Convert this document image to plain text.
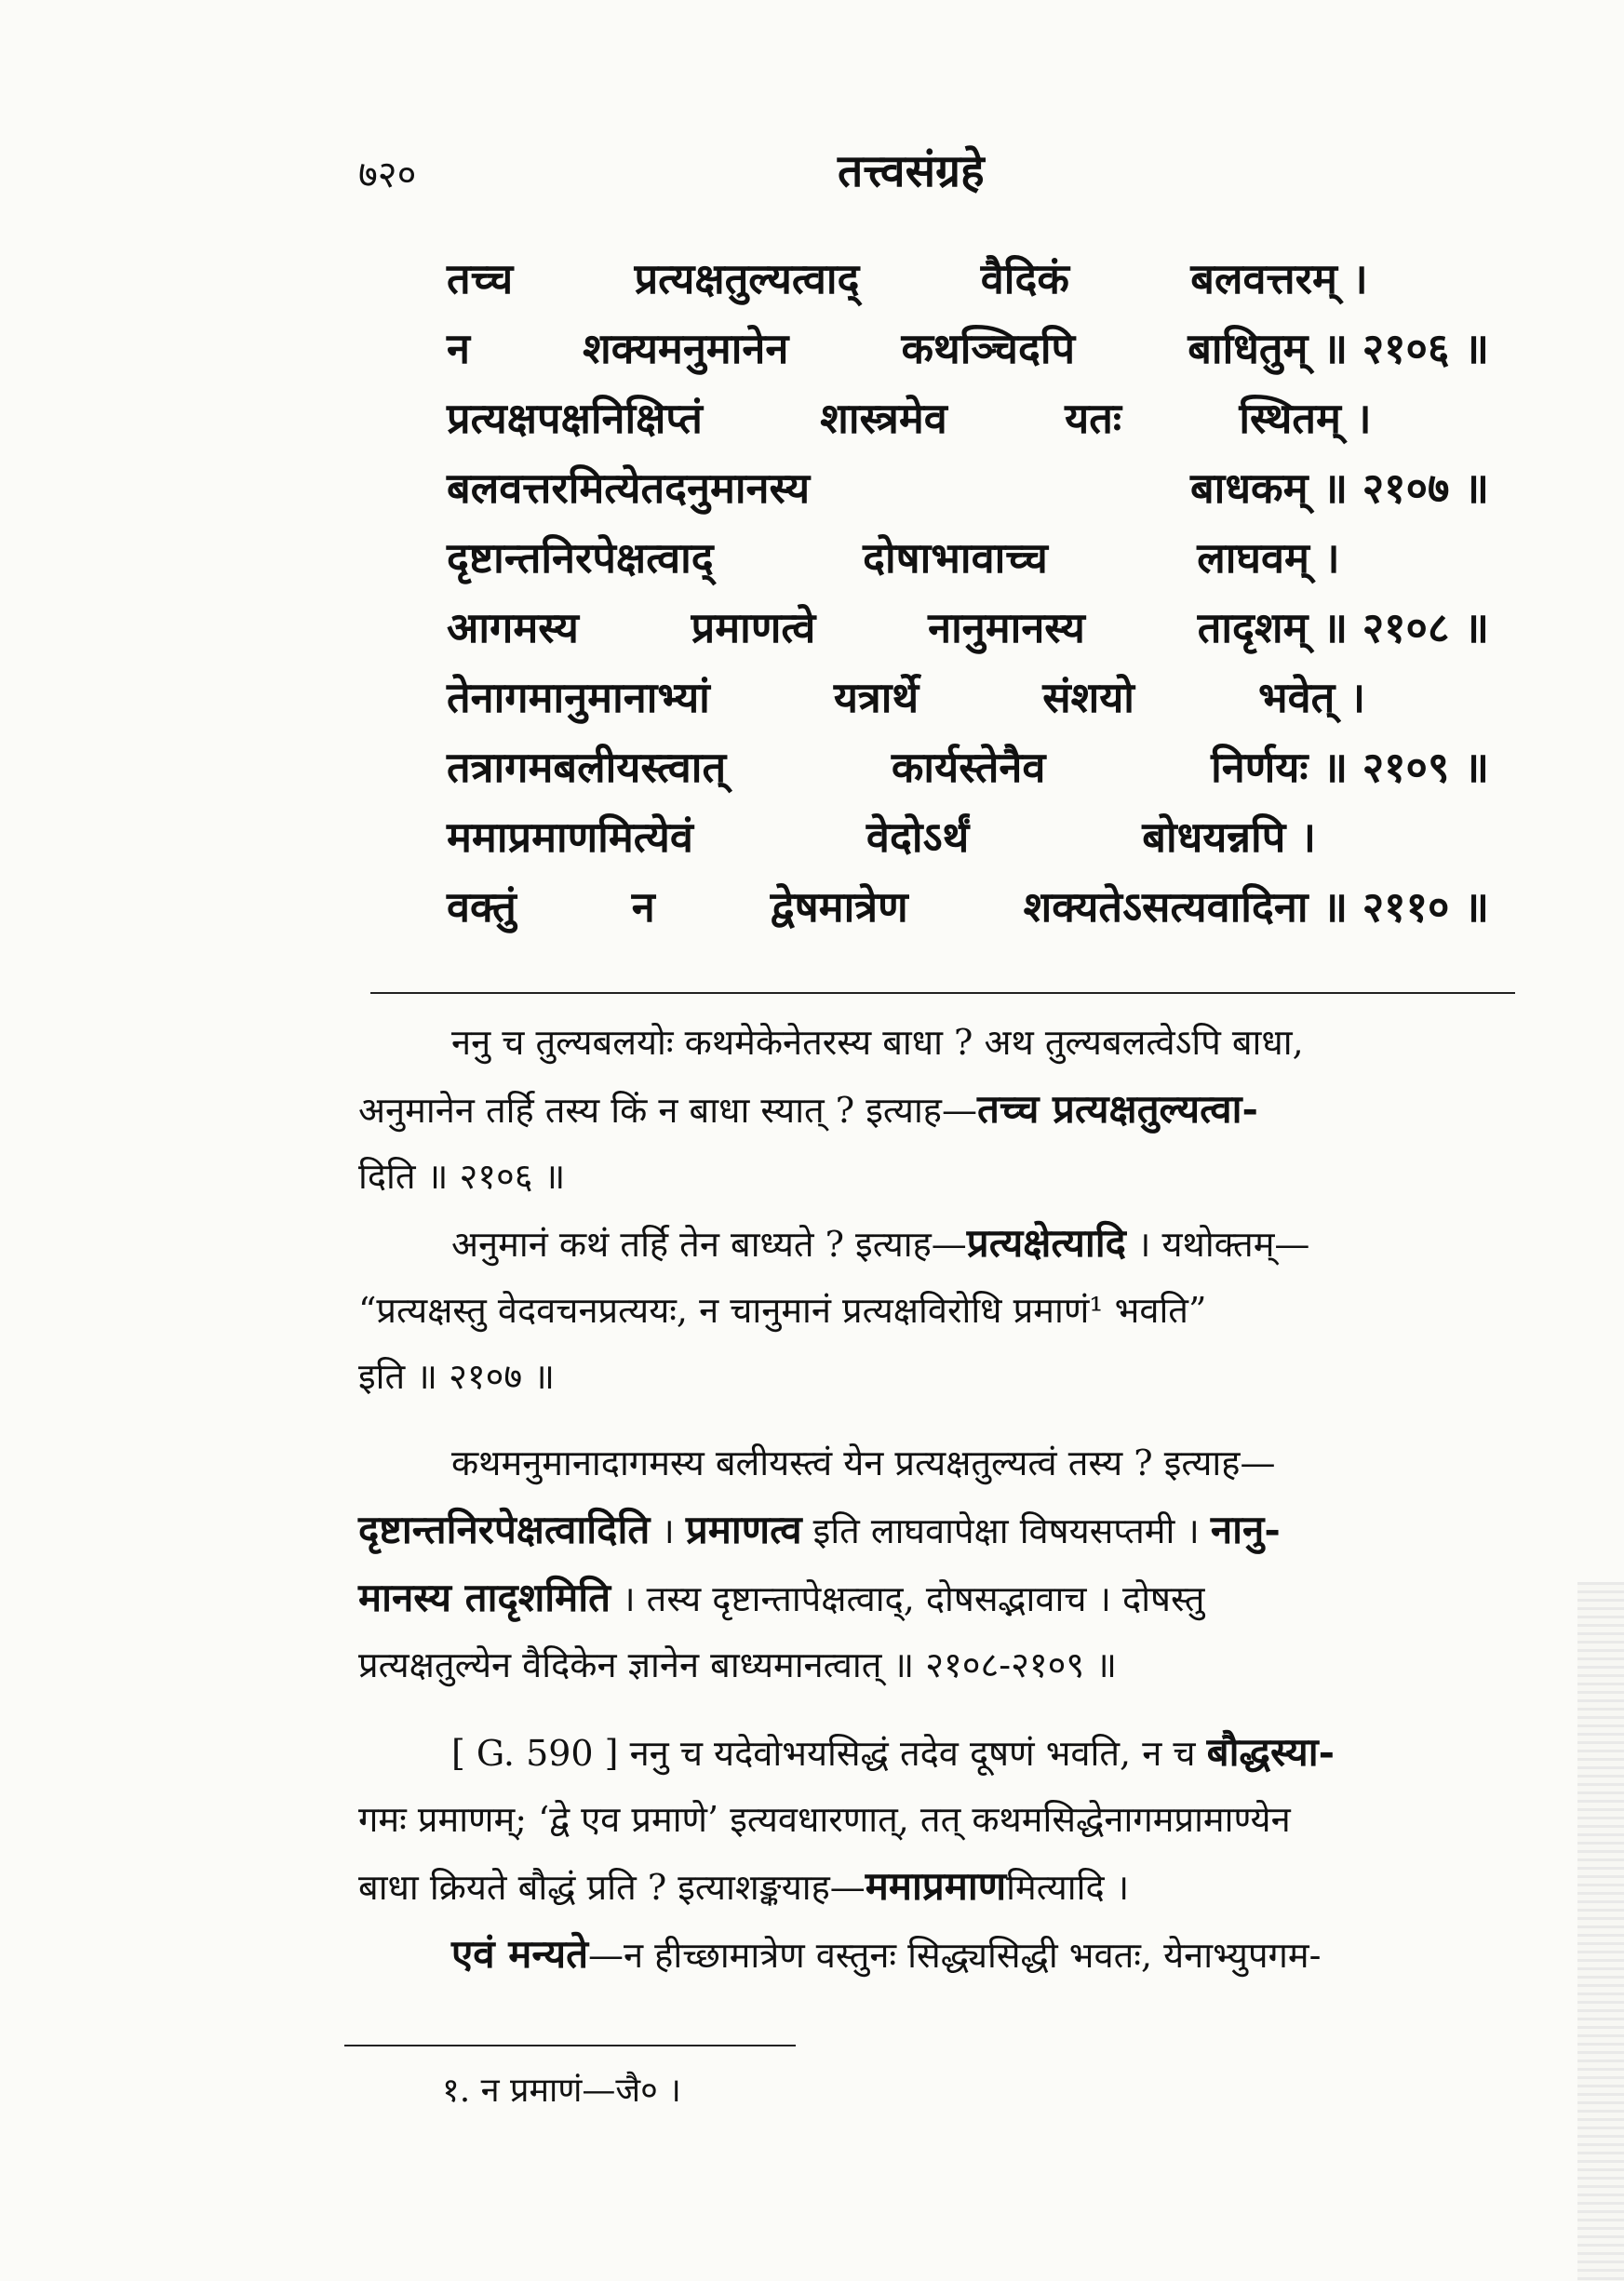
७२०	तत्त्वसंग्रहे
तच्च	प्रत्यक्षतुल्यत्वाद्	वैदिकं	बलवत्तरम् ।
न	शक्यमनुमानेन	कथञ्चिदपि	बाधितुम् ॥ २१०६ ॥
प्रत्यक्षपक्षनिक्षिप्तं	शास्त्रमेव	यतः	स्थितम् ।
बलवत्तरमित्येतदनुमानस्य	बाधकम् ॥ २१०७ ॥
दृष्टान्तनिरपेक्षत्वाद्	दोषाभावाच्च	लाघवम् ।
आगमस्य	प्रमाणत्वे	नानुमानस्य	तादृशम् ॥ २१०८ ॥
तेनागमानुमानाभ्यां	यत्रार्थे	संशयो	भवेत् ।
तत्रागमबलीयस्त्वात्	कार्यस्तेनैव	निर्णयः ॥ २१०९ ॥
ममाप्रमाणमित्येवं	वेदोऽर्थं	बोधयन्नपि ।
वक्तुं	न	द्वेषमात्रेण	शक्यतेऽसत्यवादिना ॥ २११० ॥
ननु च तुल्यबलयोः कथमेकेनेतरस्य बाधा ? अथ तुल्यबलत्वेऽपि बाधा,
अनुमानेन तर्हि तस्य किं न बाधा स्यात् ? इत्याह—तच्च प्रत्यक्षतुल्यत्वा-
दिति ॥ २१०६ ॥
अनुमानं कथं तर्हि तेन बाध्यते ? इत्याह—प्रत्यक्षेत्यादि । यथोक्तम्—
“प्रत्यक्षस्तु वेदवचनप्रत्ययः, न चानुमानं प्रत्यक्षविरोधि प्रमाणं¹ भवति”
इति ॥ २१०७ ॥
कथमनुमानादागमस्य बलीयस्त्वं येन प्रत्यक्षतुल्यत्वं तस्य ? इत्याह—
दृष्टान्तनिरपेक्षत्वादिति । प्रमाणत्व इति लाघवापेक्षा विषयसप्तमी । नानु-
मानस्य तादृशमिति । तस्य दृष्टान्तापेक्षत्वाद्, दोषसद्भावाच । दोषस्तु
प्रत्यक्षतुल्येन वैदिकेन ज्ञानेन बाध्यमानत्वात् ॥ २१०८-२१०९ ॥
[ G. 590 ] ननु च यदेवोभयसिद्धं तदेव दूषणं भवति, न च बौद्धस्या-
गमः प्रमाणम्; ‘द्वे एव प्रमाणे’ इत्यवधारणात्, तत् कथमसिद्धेनागमप्रामाण्येन
बाधा क्रियते बौद्धं प्रति ? इत्याशङ्कयाह—ममाप्रमाणमित्यादि ।
एवं मन्यते—न हीच्छामात्रेण वस्तुनः सिद्ध्यसिद्धी भवतः, येनाभ्युपगम-
१. न प्रमाणं—जै० ।
